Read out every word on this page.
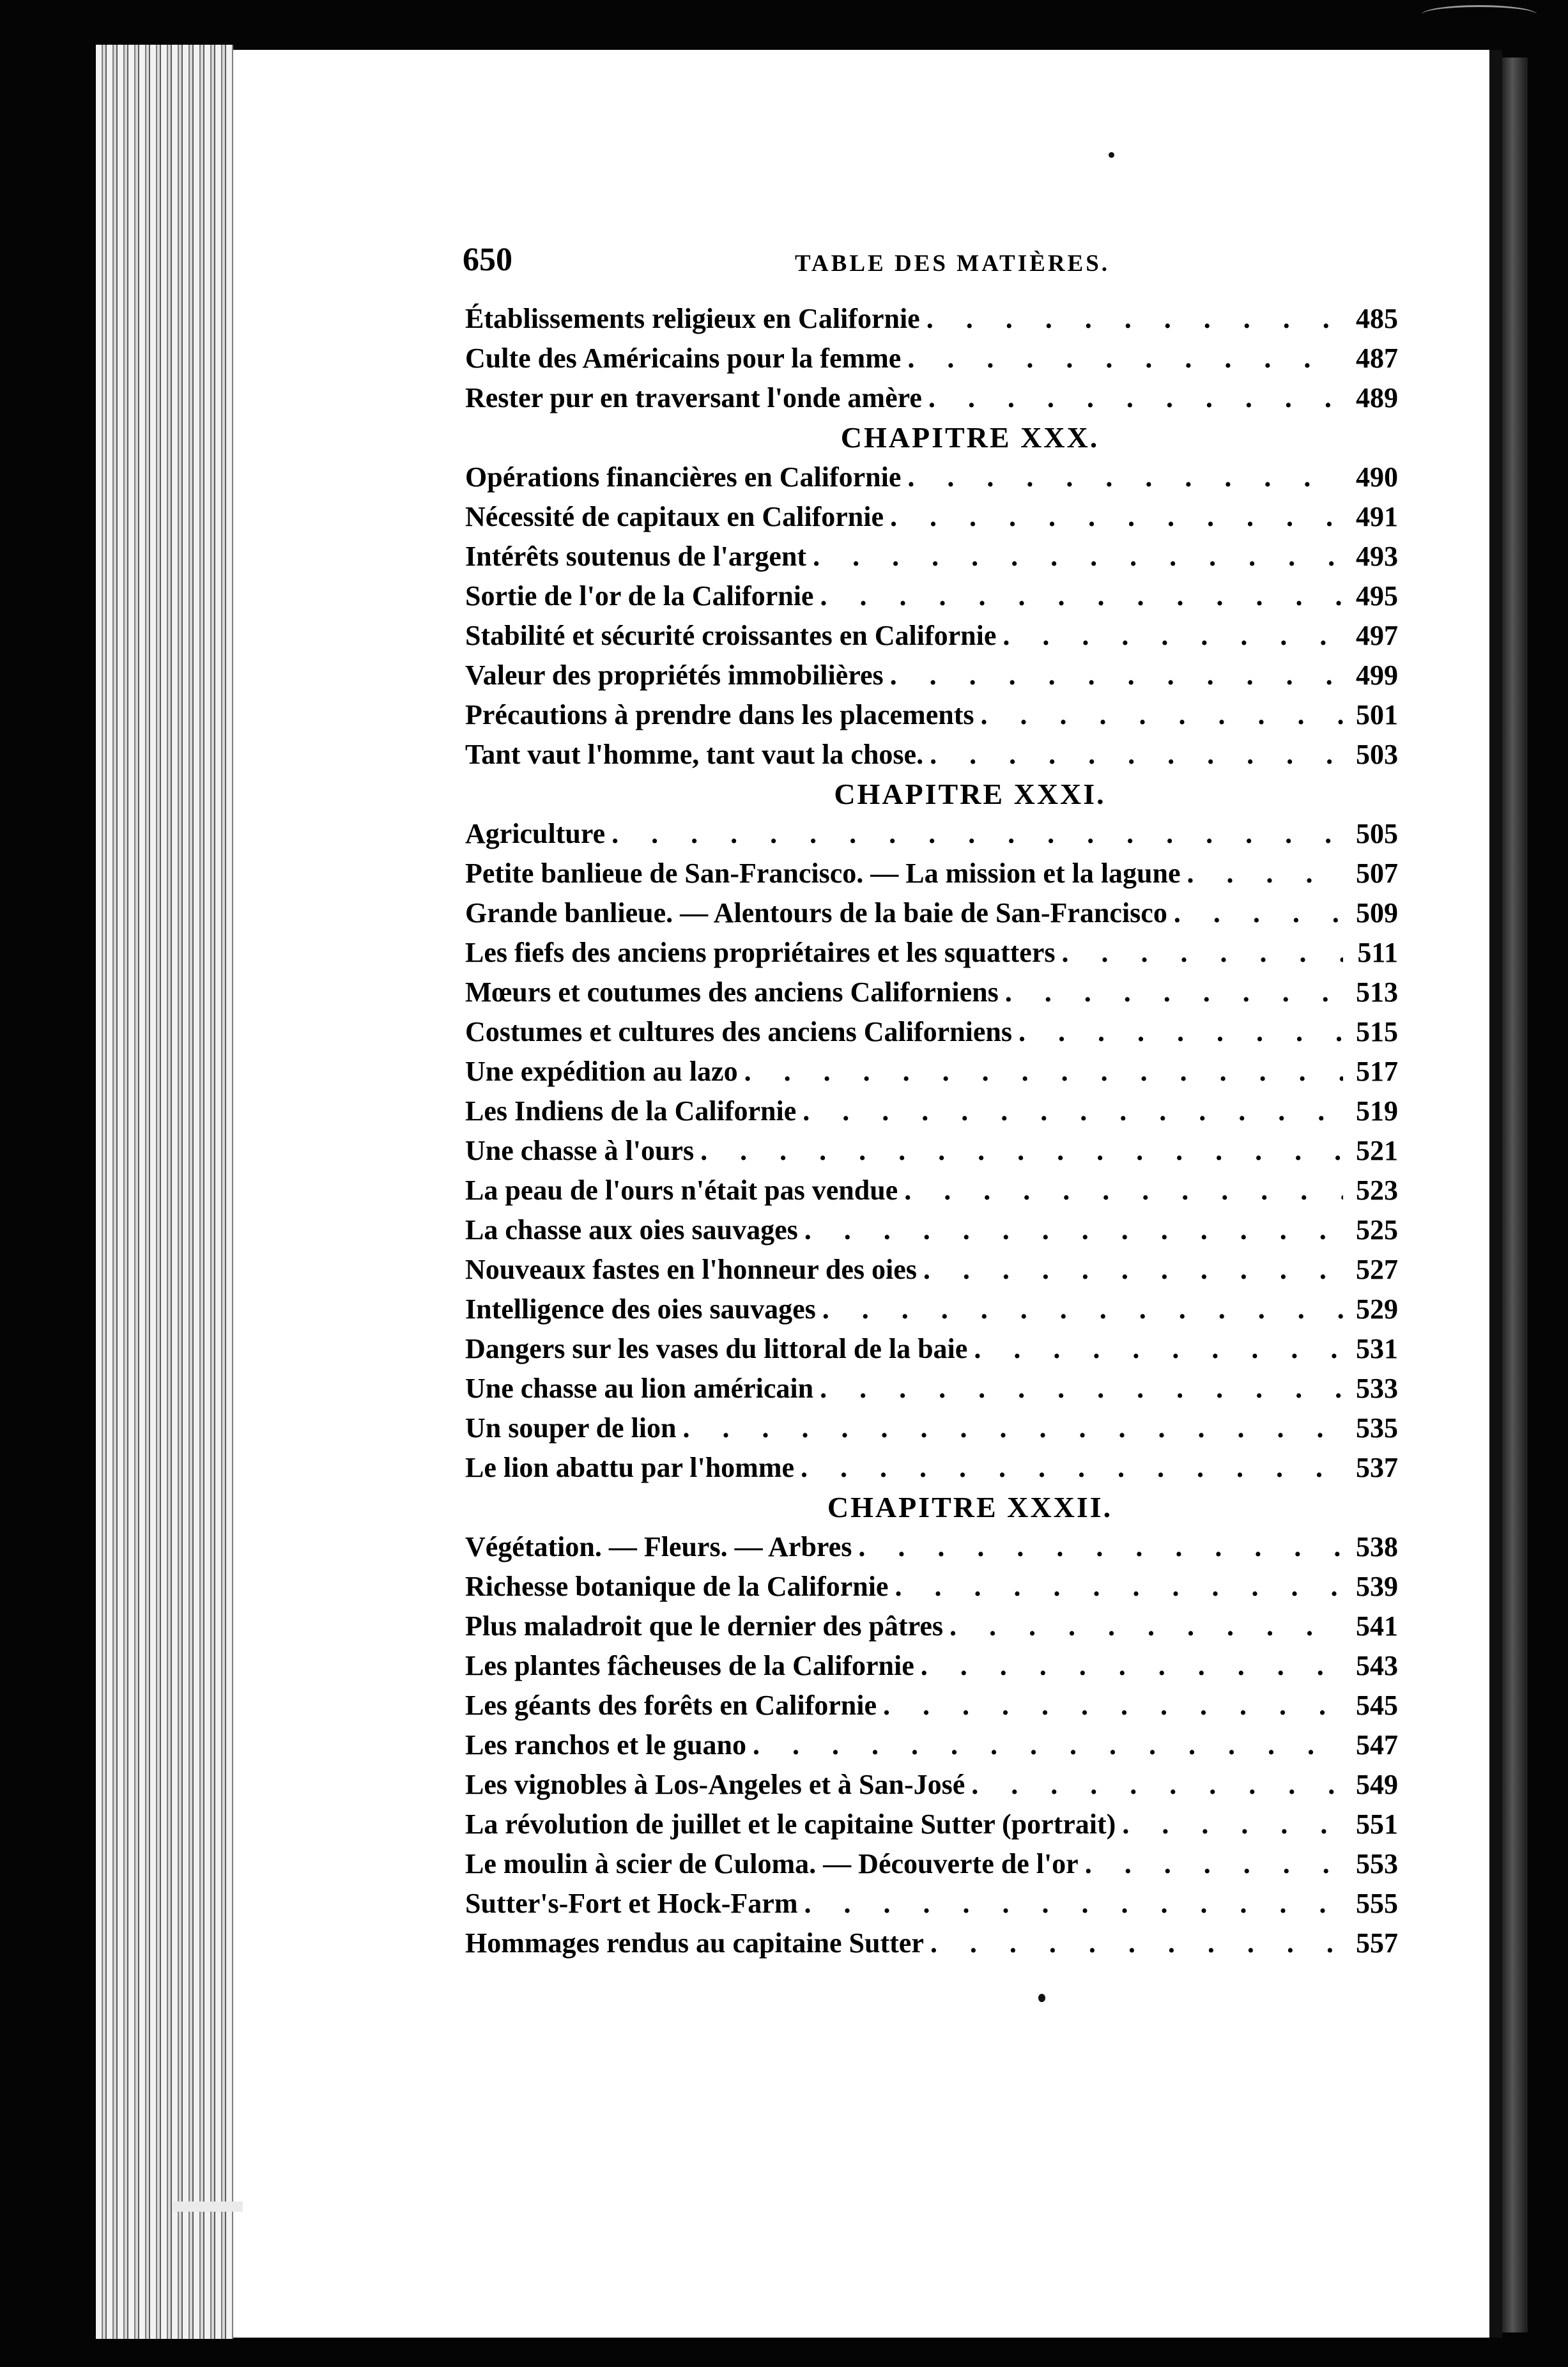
650	TABLE DES MATIÈRES.
Établissements religieux en Californie . . .	485
Culte des Américains pour la femme . . .	487
Rester pur en traversant l'onde amère . . .	489
CHAPITRE XXX.
Opérations financières en Californie . . .	490
Nécessité de capitaux en Californie . . .	491
Intérêts soutenus de l'argent . . .	493
Sortie de l'or de la Californie . . .	495
Stabilité et sécurité croissantes en Californie . . .	497
Valeur des propriétés immobilières . . .	499
Précautions à prendre dans les placements . . .	501
Tant vaut l'homme, tant vaut la chose. . . .	503
CHAPITRE XXXI.
Agriculture . . .	505
Petite banlieue de San-Francisco. — La mission et la lagune . . .	507
Grande banlieue. — Alentours de la baie de San-Francisco . . .	509
Les fiefs des anciens propriétaires et les squatters . . .	511
Mœurs et coutumes des anciens Californiens . . .	513
Costumes et cultures des anciens Californiens . . .	515
Une expédition au lazo . . .	517
Les Indiens de la Californie . . .	519
Une chasse à l'ours . . .	521
La peau de l'ours n'était pas vendue . . .	523
La chasse aux oies sauvages . . .	525
Nouveaux fastes en l'honneur des oies . . .	527
Intelligence des oies sauvages . . .	529
Dangers sur les vases du littoral de la baie . . .	531
Une chasse au lion américain . . .	533
Un souper de lion . . .	535
Le lion abattu par l'homme . . .	537
CHAPITRE XXXII.
Végétation. — Fleurs. — Arbres . . .	538
Richesse botanique de la Californie . . .	539
Plus maladroit que le dernier des pâtres . . .	541
Les plantes fâcheuses de la Californie . . .	543
Les géants des forêts en Californie . . .	545
Les ranchos et le guano . . .	547
Les vignobles à Los-Angeles et à San-José . . .	549
La révolution de juillet et le capitaine Sutter (portrait) . . .	551
Le moulin à scier de Culoma. — Découverte de l'or . . .	553
Sutter's-Fort et Hock-Farm . . .	555
Hommages rendus au capitaine Sutter . . .	557
